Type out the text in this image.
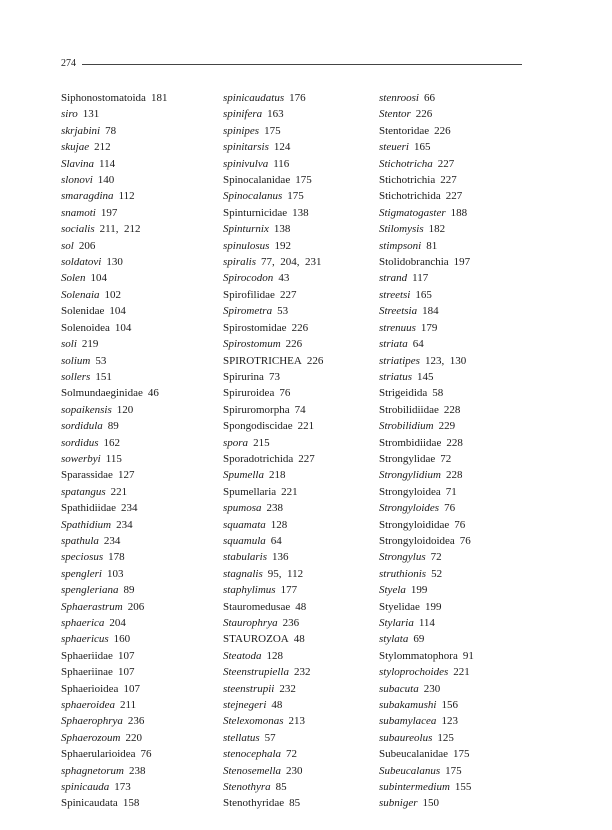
274
Siphonostomatoida 181
siro 131
skrjabini 78
skujae 212
Slavina 114
slonovi 140
smaragdina 112
snamoti 197
socialis 211,  212
sol 206
soldatovi 130
Solen 104
Solenaia 102
Solenidae 104
Solenoidea 104
soli 219
solium 53
sollers 151
Solmundaeginidae 46
sopaikensis 120
sordidula 89
sordidus 162
sowerbyi 115
Sparassidae 127
spatangus 221
Spathidiidae 234
Spathidium 234
spathula 234
speciosus 178
spengleri 103
spengleriana 89
Sphaerastrum 206
sphaerica 204
sphaericus 160
Sphaeriidae 107
Sphaeriinae 107
Sphaerioidea 107
sphaeroidea 211
Sphaerophrya 236
Sphaerozoum 220
Sphaerularioidea 76
sphagnetorum 238
spinicauda 173
Spinicaudata 158
spinicaudatus 176
spinifera 163
spinipes 175
spinitarsis 124
spinivulva 116
Spinocalanidae 175
Spinocalanus 175
Spinturnicidae 138
Spinturnix 138
spinulosus 192
spiralis 77,  204,  231
Spirocodon 43
Spirofilidae 227
Spirometra 53
Spirostomidae 226
Spirostomum 226
SPIROTRICHEA 226
Spirurina 73
Spiruroidea 76
Spiruromorpha 74
Spongodiscidae 221
spora 215
Sporadotrichida 227
Spumella 218
Spumellaria 221
spumosa 238
squamata 128
squamula 64
stabularis 136
stagnalis 95,  112
staphylimus 177
Stauromedusae 48
Staurophrya 236
STAUROZOA 48
Steatoda 128
Steenstrupiella 232
steenstrupii 232
stejnegeri 48
Stelexomonas 213
stellatus 57
stenocephala 72
Stenosemella 230
Stenothyra 85
Stenothyridae 85
stenroosi 66
Stentor 226
Stentoridae 226
steueri 165
Stichotricha 227
Stichotrichia 227
Stichotrichida 227
Stigmatogaster 188
Stilomysis 182
stimpsoni 81
Stolidobranchia 197
strand 117
streetsi 165
Streetsia 184
strenuus 179
striata 64
striatipes 123,  130
striatus 145
Strigeidida 58
Strobilidiidae 228
Strobilidium 229
Strombidiidae 228
Strongylidae 72
Strongylidium 228
Strongyloidea 71
Strongyloides 76
Strongyloididae 76
Strongyloidoidea 76
Strongylus 72
struthionis 52
Styela 199
Styelidae 199
Stylaria 114
stylata 69
Stylommatophora 91
styloprochoides 221
subacuta 230
subakamushi 156
subamylacea 123
subaureolus 125
Subeucalanidae 175
Subeucalanus 175
subintermedium 155
subniger 150
